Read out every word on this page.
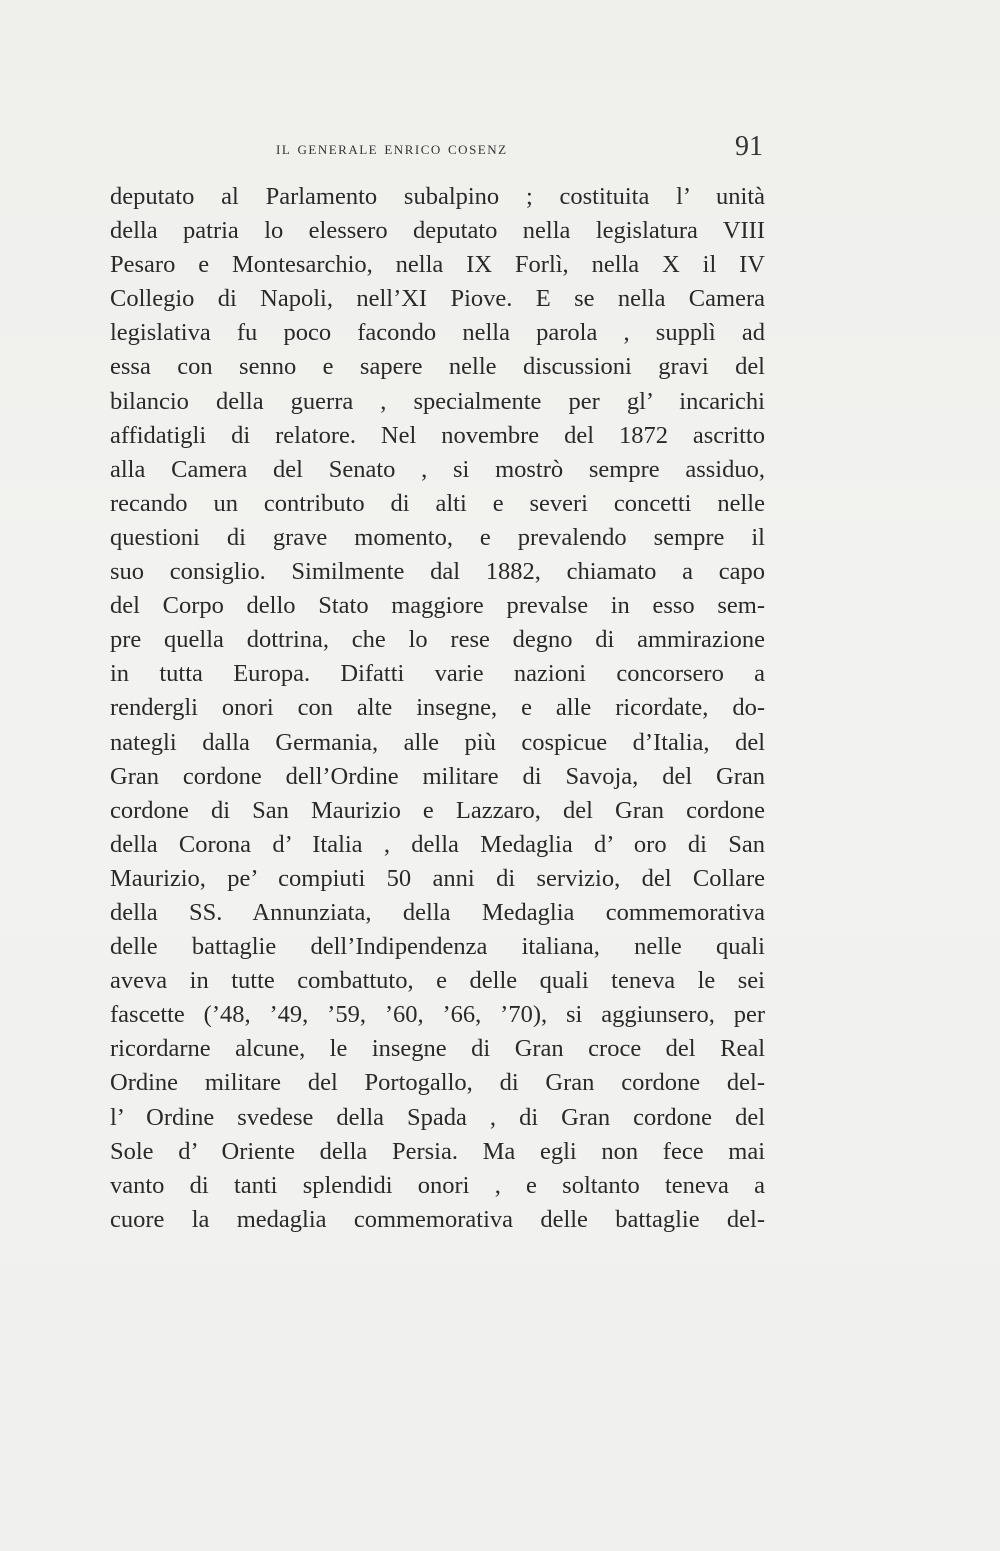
il generale enrico cosenz	91
deputato al Parlamento subalpino ; costituita l’ unità
della patria lo elessero deputato nella legislatura VIII
Pesaro e Montesarchio, nella IX Forlì, nella X il IV
Collegio di Napoli, nell’XI Piove. E se nella Camera
legislativa fu poco facondo nella parola , supplì ad
essa con senno e sapere nelle discussioni gravi del
bilancio della guerra , specialmente per gl’ incarichi
affidatigli di relatore. Nel novembre del 1872 ascritto
alla Camera del Senato , si mostrò sempre assiduo,
recando un contributo di alti e severi concetti nelle
questioni di grave momento, e prevalendo sempre il
suo consiglio. Similmente dal 1882, chiamato a capo
del Corpo dello Stato maggiore prevalse in esso sem-
pre quella dottrina, che lo rese degno di ammirazione
in tutta Europa. Difatti varie nazioni concorsero a
rendergli onori con alte insegne, e alle ricordate, do-
nategli dalla Germania, alle più cospicue d’Italia, del
Gran cordone dell’Ordine militare di Savoja, del Gran
cordone di San Maurizio e Lazzaro, del Gran cordone
della Corona d’ Italia , della Medaglia d’ oro di San
Maurizio, pe’ compiuti 50 anni di servizio, del Collare
della SS. Annunziata, della Medaglia commemorativa
delle battaglie dell’Indipendenza italiana, nelle quali
aveva in tutte combattuto, e delle quali teneva le sei
fascette (’48, ’49, ’59, ’60, ’66, ’70), si aggiunsero, per
ricordarne alcune, le insegne di Gran croce del Real
Ordine militare del Portogallo, di Gran cordone del-
l’ Ordine svedese della Spada , di Gran cordone del
Sole d’ Oriente della Persia. Ma egli non fece mai
vanto di tanti splendidi onori , e soltanto teneva a
cuore la medaglia commemorativa delle battaglie del-
